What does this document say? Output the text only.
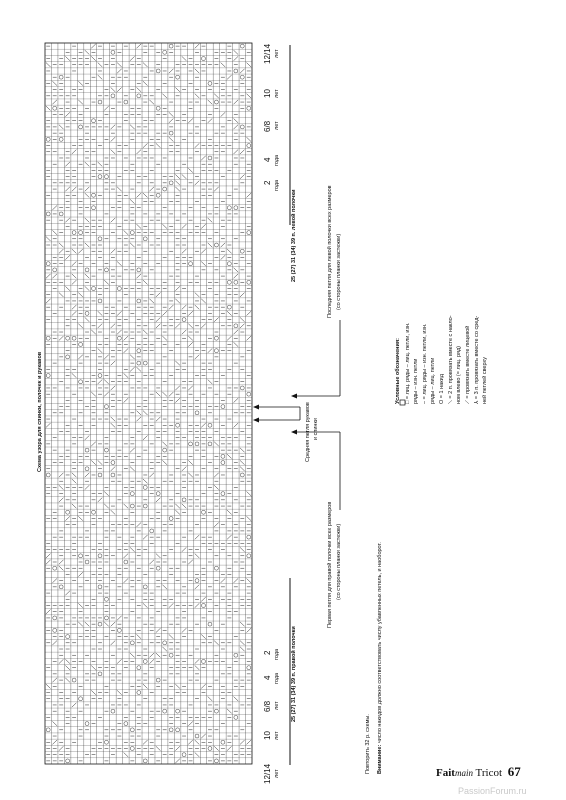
Схема узора для спинки, полочек и рукавов
12/14 лет
10 лет
6/8 лет
4 года
2 года
2 года
4 года
6/8 лет
10 лет
12/14 лет
25 (27) 31 (34) 39 п. левой полочки
25 (27) 31 (34) 39 п. правой полочки
Последняя петля для левой полочки всех размеров (со стороны планки застежки)
Средняя петля рукавов и спинки
Первая петля для правой полочки всех размеров (со стороны планки застежки)
Повторить 32 р. схемы. Внимание: число накидов должно соответствовать числу убавленных петель, и наоборот.
Условные обозначения: □ = лиц. ряды – лиц. петли, изн. ряды – изн. петли – = лиц. ряды – изн. петли, изн. ряды – лиц. петли О = 1 накид ⟍ = 2 п. провязать вместе с накло- ном влево (= лиц. ряд) ⟋ = провязать вместе лицевой ⅄ = 3 п. провязать вместе со сред- ней петлей сверху
Faitmain Tricot 67
PassionForum.ru
